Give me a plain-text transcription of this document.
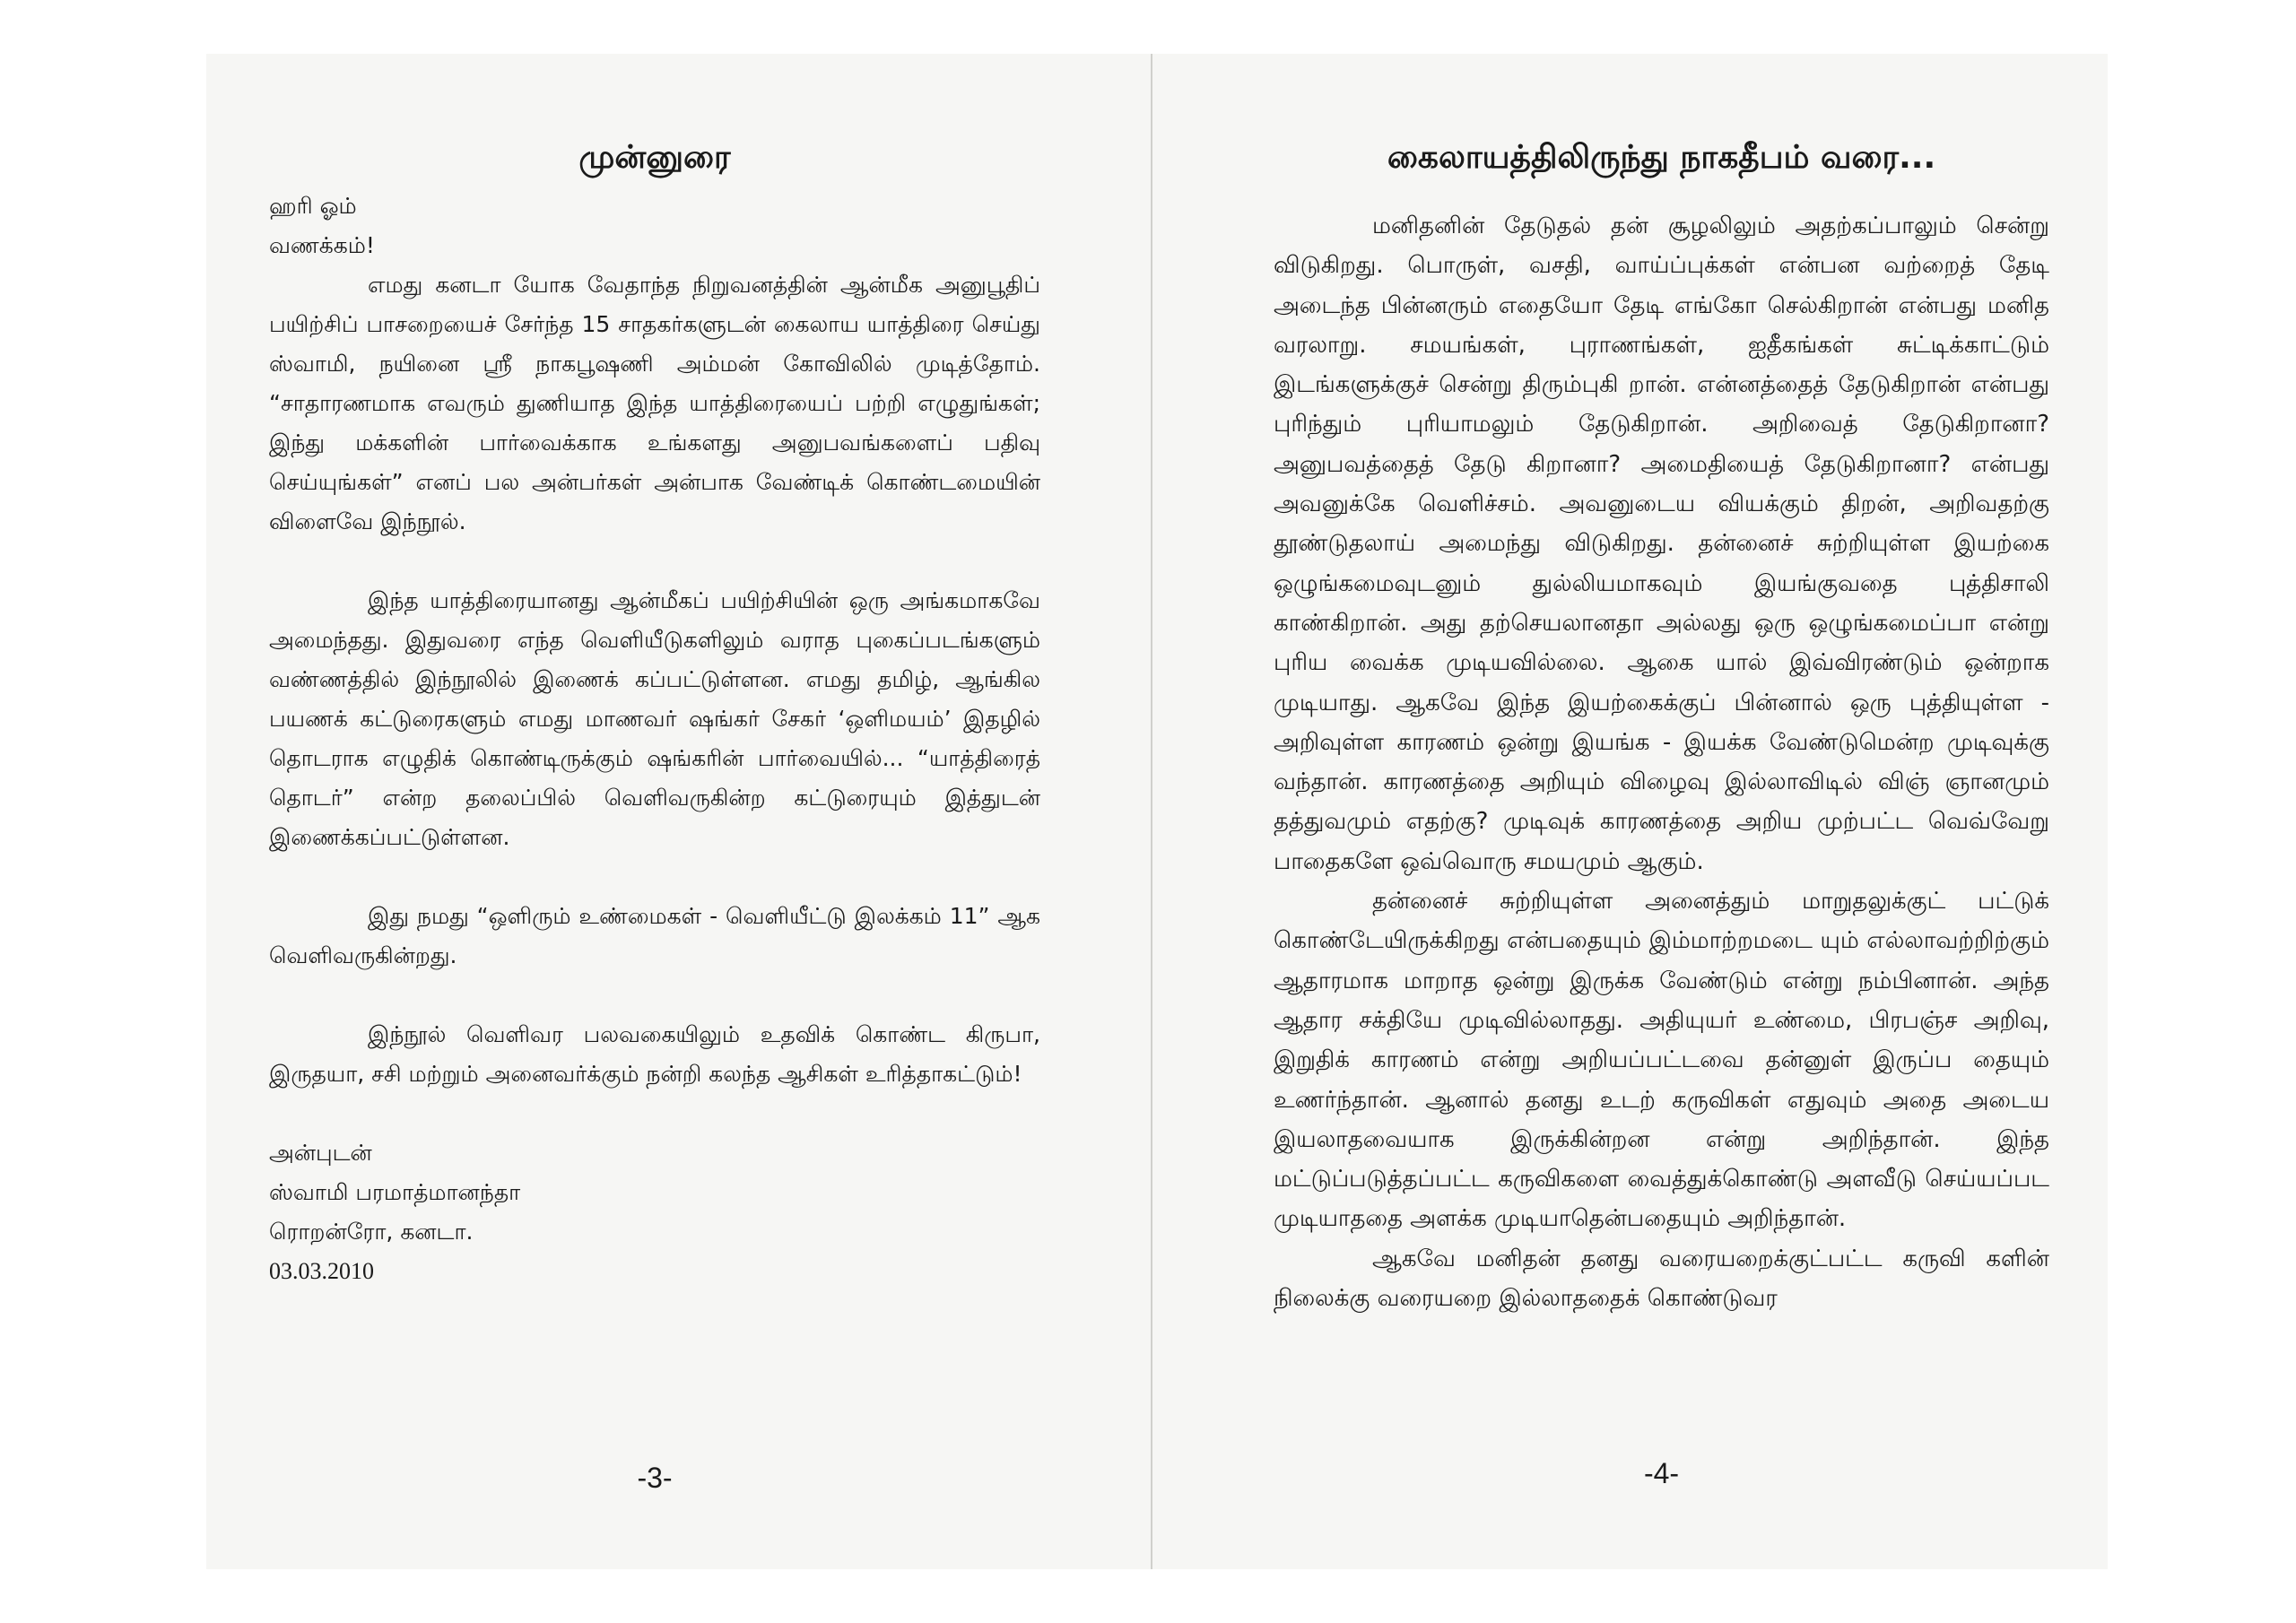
முன்னுரை
ஹரி ஓம்
வணக்கம்!
எமது கனடா யோக வேதாந்த நிறுவனத்தின் ஆன்மீக அனுபூதிப் பயிற்சிப் பாசறையைச் சேர்ந்த 15 சாதகர்களுடன் கைலாய யாத்திரை செய்து ஸ்வாமி, நயினை ஸ்ரீ நாகபூஷணி அம்மன் கோவிலில் முடித்தோம். “சாதாரணமாக எவரும் துணியாத இந்த யாத்திரையைப் பற்றி எழுதுங்கள்; இந்து மக்களின் பார்வைக்காக உங்களது அனுபவங்களைப் பதிவு செய்யுங்கள்” எனப் பல அன்பர்கள் அன்பாக வேண்டிக் கொண்டமையின் விளைவே இந்நூல்.
இந்த யாத்திரையானது ஆன்மீகப் பயிற்சியின் ஒரு அங்கமாகவே அமைந்தது. இதுவரை எந்த வெளியீடுகளிலும் வராத புகைப்படங்களும் வண்ணத்தில் இந்நூலில் இணைக் கப்பட்டுள்ளன. எமது தமிழ், ஆங்கில பயணக் கட்டுரைகளும் எமது மாணவர் ஷங்கர் சேகர் ‘ஒளிமயம்’ இதழில் தொடராக எழுதிக் கொண்டிருக்கும் ஷங்கரின் பார்வையில்... “யாத்திரைத் தொடர்” என்ற தலைப்பில் வெளிவருகின்ற கட்டுரையும் இத்துடன் இணைக்கப்பட்டுள்ளன.
இது நமது “ஒளிரும் உண்மைகள் - வெளியீட்டு இலக்கம் 11” ஆக வெளிவருகின்றது.
இந்நூல் வெளிவர பலவகையிலும் உதவிக் கொண்ட கிருபா, இருதயா, சசி மற்றும் அனைவர்க்கும் நன்றி கலந்த ஆசிகள் உரித்தாகட்டும்!
அன்புடன்
ஸ்வாமி பரமாத்மானந்தா
ரொறன்ரோ, கனடா.
03.03.2010
-3-
கைலாயத்திலிருந்து நாகதீபம் வரை...
மனிதனின் தேடுதல் தன் சூழலிலும் அதற்கப்பாலும் சென்று விடுகிறது. பொருள், வசதி, வாய்ப்புக்கள் என்பன வற்றைத் தேடி அடைந்த பின்னரும் எதையோ தேடி எங்கோ செல்கிறான் என்பது மனித வரலாறு. சமயங்கள், புராணங்கள், ஐதீகங்கள் சுட்டிக்காட்டும் இடங்களுக்குச் சென்று திரும்புகி றான். என்னத்தைத் தேடுகிறான் என்பது புரிந்தும் புரியாமலும் தேடுகிறான். அறிவைத் தேடுகிறானா? அனுபவத்தைத் தேடு கிறானா? அமைதியைத் தேடுகிறானா? என்பது அவனுக்கே வெளிச்சம். அவனுடைய வியக்கும் திறன், அறிவதற்கு தூண்டுதலாய் அமைந்து விடுகிறது. தன்னைச் சுற்றியுள்ள இயற்கை ஒழுங்கமைவுடனும் துல்லியமாகவும் இயங்குவதை புத்திசாலி காண்கிறான். அது தற்செயலானதா அல்லது ஒரு ஒழுங்கமைப்பா என்று புரிய வைக்க முடியவில்லை. ஆகை யால் இவ்விரண்டும் ஒன்றாக முடியாது. ஆகவே இந்த இயற்கைக்குப் பின்னால் ஒரு புத்தியுள்ள - அறிவுள்ள காரணம் ஒன்று இயங்க - இயக்க வேண்டுமென்ற முடிவுக்கு வந்தான். காரணத்தை அறியும் விழைவு இல்லாவிடில் விஞ் ஞானமும் தத்துவமும் எதற்கு? முடிவுக் காரணத்தை அறிய முற்பட்ட வெவ்வேறு பாதைகளே ஒவ்வொரு சமயமும் ஆகும்.
தன்னைச் சுற்றியுள்ள அனைத்தும் மாறுதலுக்குட் பட்டுக் கொண்டேயிருக்கிறது என்பதையும் இம்மாற்றமடை யும் எல்லாவற்றிற்கும் ஆதாரமாக மாறாத ஒன்று இருக்க வேண்டும் என்று நம்பினான். அந்த ஆதார சக்தியே முடிவில்லாதது. அதியுயர் உண்மை, பிரபஞ்ச அறிவு, இறுதிக் காரணம் என்று அறியப்பட்டவை தன்னுள் இருப்ப தையும் உணர்ந்தான். ஆனால் தனது உடற் கருவிகள் எதுவும் அதை அடைய இயலாதவையாக இருக்கின்றன என்று அறிந்தான். இந்த மட்டுப்படுத்தப்பட்ட கருவிகளை வைத்துக்கொண்டு அளவீடு செய்யப்பட முடியாததை அளக்க முடியாதென்பதையும் அறிந்தான்.
ஆகவே மனிதன் தனது வரையறைக்குட்பட்ட கருவி களின் நிலைக்கு வரையறை இல்லாததைக் கொண்டுவர
-4-
